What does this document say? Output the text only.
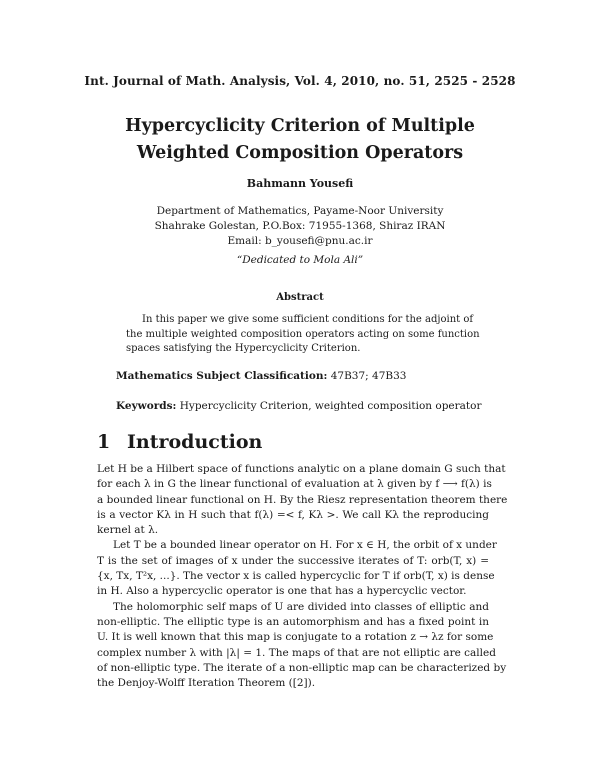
Int. Journal of Math. Analysis, Vol. 4, 2010, no. 51, 2525 - 2528
Hypercyclicity Criterion of Multiple
Weighted Composition Operators
Bahmann Yousefi
Department of Mathematics, Payame-Noor University
Shahrake Golestan, P.O.Box: 71955-1368, Shiraz IRAN
Email: b_yousefi@pnu.ac.ir
“Dedicated to Mola Ali”
Abstract
In this paper we give some sufficient conditions for the adjoint of
the multiple weighted composition operators acting on some function
spaces satisfying the Hypercyclicity Criterion.
Mathematics Subject Classification: 47B37; 47B33
Keywords: Hypercyclicity Criterion, weighted composition operator
1 Introduction
Let H be a Hilbert space of functions analytic on a plane domain G such that
for each λ in G the linear functional of evaluation at λ given by f ⟶ f(λ) is
a bounded linear functional on H. By the Riesz representation theorem there
is a vector Kλ in H such that f(λ) =< f, Kλ >. We call Kλ the reproducing
kernel at λ.
Let T be a bounded linear operator on H. For x ∈ H, the orbit of x under
T is the set of images of x under the successive iterates of T: orb(T, x) =
{x, Tx, T²x, ...}. The vector x is called hypercyclic for T if orb(T, x) is dense
in H. Also a hypercyclic operator is one that has a hypercyclic vector.
The holomorphic self maps of U are divided into classes of elliptic and
non-elliptic. The elliptic type is an automorphism and has a fixed point in
U. It is well known that this map is conjugate to a rotation z → λz for some
complex number λ with |λ| = 1. The maps of that are not elliptic are called
of non-elliptic type. The iterate of a non-elliptic map can be characterized by
the Denjoy-Wolff Iteration Theorem ([2]).
